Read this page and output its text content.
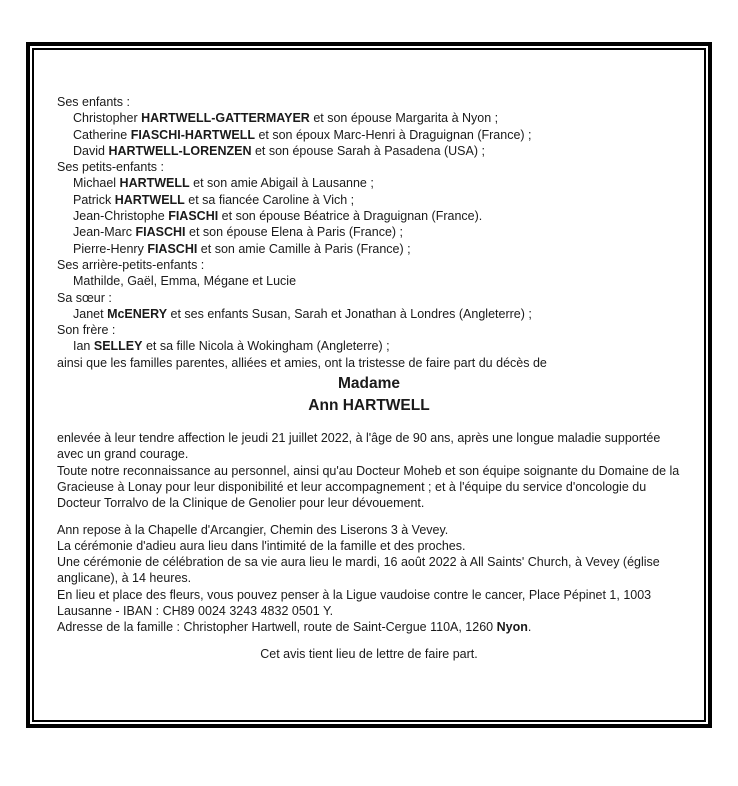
Ses enfants :
Christopher HARTWELL-GATTERMAYER et son épouse Margarita à Nyon ;
Catherine FIASCHI-HARTWELL et son époux Marc-Henri à Draguignan (France) ;
David HARTWELL-LORENZEN et son épouse Sarah à Pasadena (USA) ;
Ses petits-enfants :
Michael HARTWELL et son amie Abigail à Lausanne ;
Patrick HARTWELL et sa fiancée Caroline à Vich ;
Jean-Christophe FIASCHI et son épouse Béatrice à Draguignan (France).
Jean-Marc FIASCHI et son épouse Elena à Paris (France) ;
Pierre-Henry FIASCHI et son amie Camille à Paris (France) ;
Ses arrière-petits-enfants :
Mathilde, Gaël, Emma, Mégane et Lucie
Sa sœur :
Janet McENERY et ses enfants Susan, Sarah et Jonathan à Londres (Angleterre) ;
Son frère :
Ian SELLEY et sa fille Nicola à Wokingham (Angleterre) ;
ainsi que les familles parentes, alliées et amies, ont la tristesse de faire part du décès de
Madame
Ann HARTWELL
enlevée à leur tendre affection le jeudi 21 juillet 2022, à l'âge de 90 ans, après une longue maladie supportée avec un grand courage.
Toute notre reconnaissance au personnel, ainsi qu'au Docteur Moheb et son équipe soignante du Domaine de la Gracieuse à Lonay pour leur disponibilité et leur accompagnement ; et à l'équipe du service d'oncologie du Docteur Torralvo de la Clinique de Genolier pour leur dévouement.
Ann repose à la Chapelle d'Arcangier, Chemin des Liserons 3 à Vevey.
La cérémonie d'adieu aura lieu dans l'intimité de la famille et des proches.
Une cérémonie de célébration de sa vie aura lieu le mardi, 16 août 2022 à All Saints' Church, à Vevey (église anglicane), à 14 heures.
En lieu et place des fleurs, vous pouvez penser à la Ligue vaudoise contre le cancer, Place Pépinet 1, 1003 Lausanne - IBAN : CH89 0024 3243 4832 0501 Y.
Adresse de la famille : Christopher Hartwell, route de Saint-Cergue 110A, 1260 Nyon.
Cet avis tient lieu de lettre de faire part.
